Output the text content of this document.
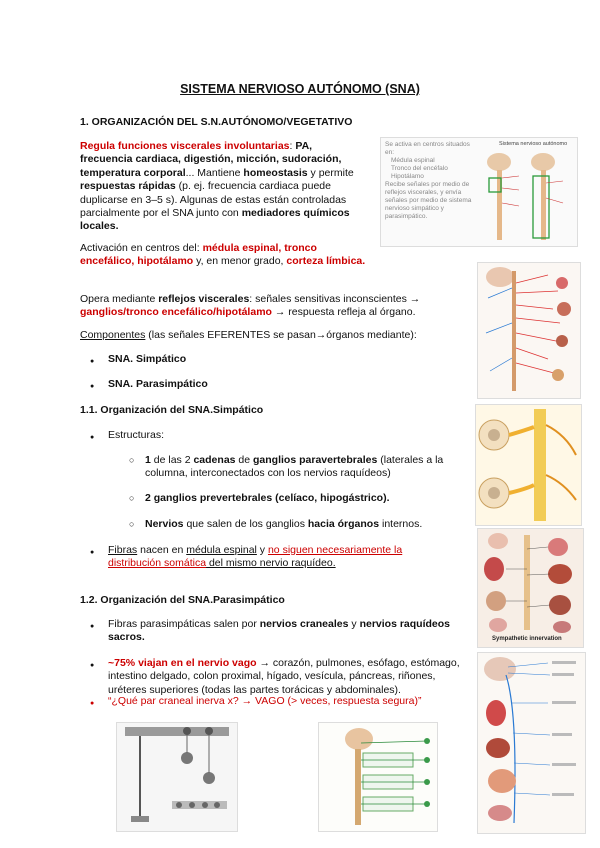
SISTEMA NERVIOSO AUTÓNOMO (SNA)
1. ORGANIZACIÓN DEL S.N.AUTÓNOMO/VEGETATIVO
Regula funciones viscerales involuntarias: PA, frecuencia cardiaca, digestión, micción, sudoración, temperatura corporal... Mantiene homeostasis y permite respuestas rápidas (p. ej. frecuencia cardiaca puede duplicarse en 3–5 s). Algunas de estas están controladas parcialmente por el SNA junto con mediadores químicos locales.
Activación en centros del: médula espinal, tronco encefálico, hipotálamo y, en menor grado, corteza límbica.
Opera mediante reflejos viscerales: señales sensitivas inconscientes → ganglios/tronco encefálico/hipotálamo → respuesta refleja al órgano.
Componentes (las señales EFERENTES se pasan→órganos mediante):
● SNA. Simpático
● SNA. Parasimpático
1.1. Organización del SNA.Simpático
● Estructuras:
○ 1 de las 2 cadenas de ganglios paravertebrales (laterales a la columna, interconectados con los nervios raquídeos)
○ 2 ganglios prevertebrales (celíaco, hipogástrico).
○ Nervios que salen de los ganglios hacia órganos internos.
● Fibras nacen en médula espinal y no siguen necesariamente la distribución somática del mismo nervio raquídeo.
1.2. Organización del SNA.Parasimpático
● Fibras parasimpáticas salen por nervios craneales y nervios raquídeos sacros.
● ~75% viajan en el nervio vago → corazón, pulmones, esófago, estómago, intestino delgado, colon proximal, hígado, vesícula, páncreas, riñones, uréteres superiores (todas las partes torácicas y abdominales).
● “¿Qué par craneal inerva x? → VAGO (> veces, respuesta segura)”
Se activa en centros situados en:
Médula espinal
Tronco del encéfalo
Hipotálamo
Recibe señales por medio de reflejos viscerales, y envía señales por medio de sistema nervioso simpático y parasimpático.
Sistema nervioso autónomo
Sympathetic innervation
